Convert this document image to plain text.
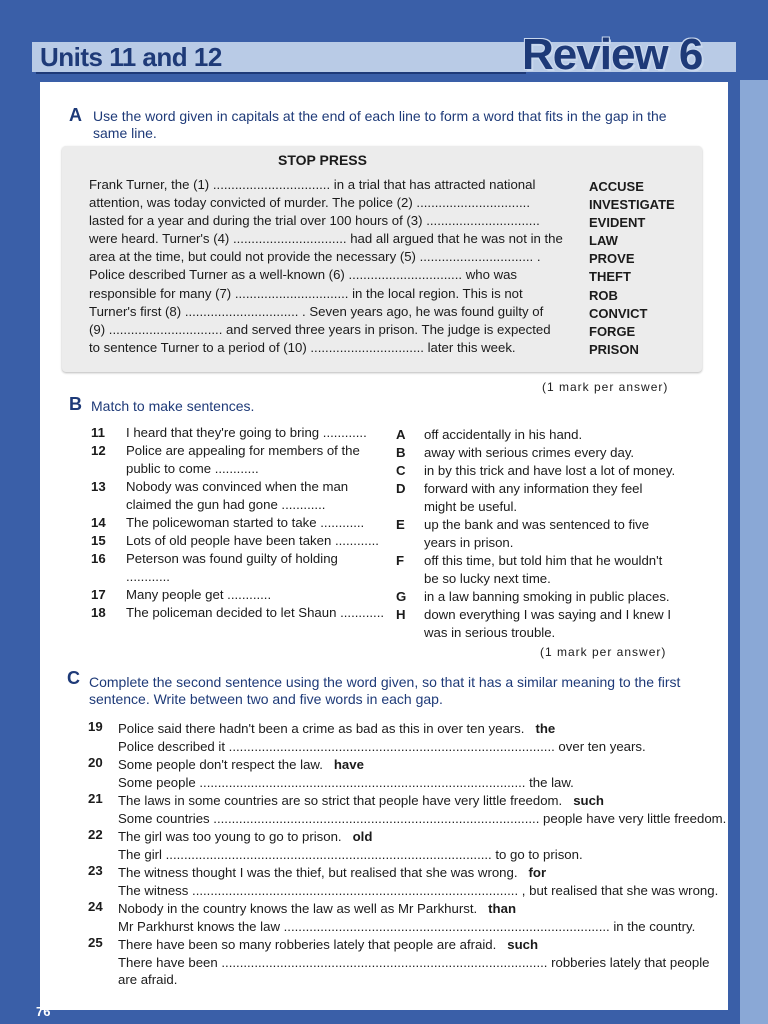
Units 11 and 12	Review 6
A Use the word given in capitals at the end of each line to form a word that fits in the gap in the same line.
STOP PRESS
Frank Turner, the (1) ................................ in a trial that has attracted national
attention, was today convicted of murder. The police (2) ...............................
lasted for a year and during the trial over 100 hours of (3) ...............................
were heard. Turner's (4) ............................... had all argued that he was not in the
area at the time, but could not provide the necessary (5) ............................... .
Police described Turner as a well-known (6) ............................... who was
responsible for many (7) ............................... in the local region. This is not
Turner's first (8) ............................... . Seven years ago, he was found guilty of
(9) ............................... and served three years in prison. The judge is expected
to sentence Turner to a period of (10) ............................... later this week.
ACCUSE
INVESTIGATE
EVIDENT
LAW
PROVE
THEFT
ROB
CONVICT
FORGE
PRISON
(1 mark per answer)
B Match to make sentences.
11 I heard that they're going to bring ............
12 Police are appealing for members of the
public to come ............
13 Nobody was convinced when the man
claimed the gun had gone ............
14 The policewoman started to take ............
15 Lots of old people have been taken ............
16 Peterson was found guilty of holding
............
17 Many people get ............
18 The policeman decided to let Shaun ............
A off accidentally in his hand.
B away with serious crimes every day.
C in by this trick and have lost a lot of money.
D forward with any information they feel
might be useful.
E up the bank and was sentenced to five
years in prison.
F off this time, but told him that he wouldn't
be so lucky next time.
G in a law banning smoking in public places.
H down everything I was saying and I knew I
was in serious trouble.
(1 mark per answer)
C Complete the second sentence using the word given, so that it has a similar meaning to the first sentence. Write between two and five words in each gap.
19 Police said there hadn't been a crime as bad as this in over ten years. the
Police described it ......................................................................................... over ten years.
20 Some people don't respect the law. have
Some people ......................................................................................... the law.
21 The laws in some countries are so strict that people have very little freedom. such
Some countries ......................................................................................... people have very little freedom.
22 The girl was too young to go to prison. old
The girl ......................................................................................... to go to prison.
23 The witness thought I was the thief, but realised that she was wrong. for
The witness ......................................................................................... , but realised that she was wrong.
24 Nobody in the country knows the law as well as Mr Parkhurst. than
Mr Parkhurst knows the law ......................................................................................... in the country.
25 There have been so many robberies lately that people are afraid. such
There have been ......................................................................................... robberies lately that people
are afraid.
76
